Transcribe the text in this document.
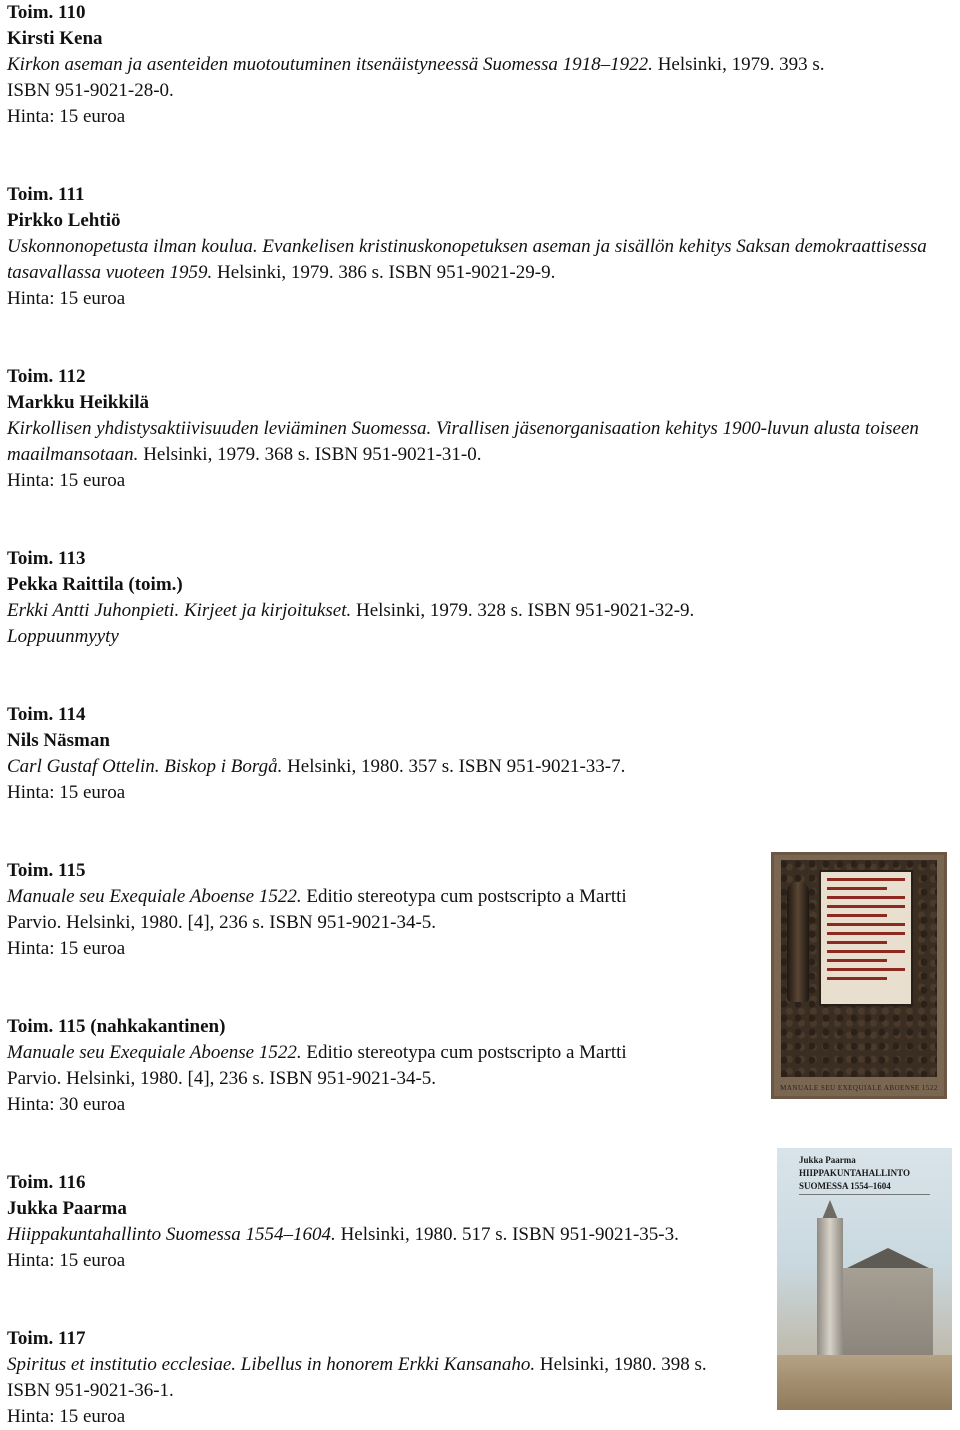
Toim. 110
Kirsti Kena
Kirkon aseman ja asenteiden muotoutuminen itsenäistyneessä Suomessa 1918–1922. Helsinki, 1979. 393 s.
ISBN 951-9021-28-0.
Hinta: 15 euroa
Toim. 111
Pirkko Lehtiö
Uskonnonopetusta ilman koulua. Evankelisen kristinuskonopetuksen aseman ja sisällön kehitys Saksan demokraattisessa
tasavallassa vuoteen 1959. Helsinki, 1979. 386 s. ISBN 951-9021-29-9.
Hinta: 15 euroa
Toim. 112
Markku Heikkilä
Kirkollisen yhdistysaktiivisuuden leviäminen Suomessa. Virallisen jäsenorganisaation kehitys 1900-luvun alusta toiseen
maailmansotaan. Helsinki, 1979. 368 s. ISBN 951-9021-31-0.
Hinta: 15 euroa
Toim. 113
Pekka Raittila (toim.)
Erkki Antti Juhonpieti. Kirjeet ja kirjoitukset. Helsinki, 1979. 328 s. ISBN 951-9021-32-9.
Loppuunmyyty
Toim. 114
Nils Näsman
Carl Gustaf Ottelin. Biskop i Borgå. Helsinki, 1980. 357 s. ISBN 951-9021-33-7.
Hinta: 15 euroa
Toim. 115
Manuale seu Exequiale Aboense 1522. Editio stereotypa cum postscripto a Martti
Parvio. Helsinki, 1980. [4], 236 s. ISBN 951-9021-34-5.
Hinta: 15 euroa
Toim. 115 (nahkakantinen)
Manuale seu Exequiale Aboense 1522. Editio stereotypa cum postscripto a Martti
Parvio. Helsinki, 1980. [4], 236 s. ISBN 951-9021-34-5.
Hinta: 30 euroa
Toim. 116
Jukka Paarma
Hiippakuntahallinto Suomessa 1554–1604. Helsinki, 1980. 517 s. ISBN 951-9021-35-3.
Hinta: 15 euroa
Toim. 117
Spiritus et institutio ecclesiae. Libellus in honorem Erkki Kansanaho. Helsinki, 1980. 398 s.
ISBN 951-9021-36-1.
Hinta: 15 euroa
MANUALE SEU EXEQUIALE ABOENSE 1522
Jukka Paarma
HIIPPAKUNTAHALLINTO
SUOMESSA 1554–1604
